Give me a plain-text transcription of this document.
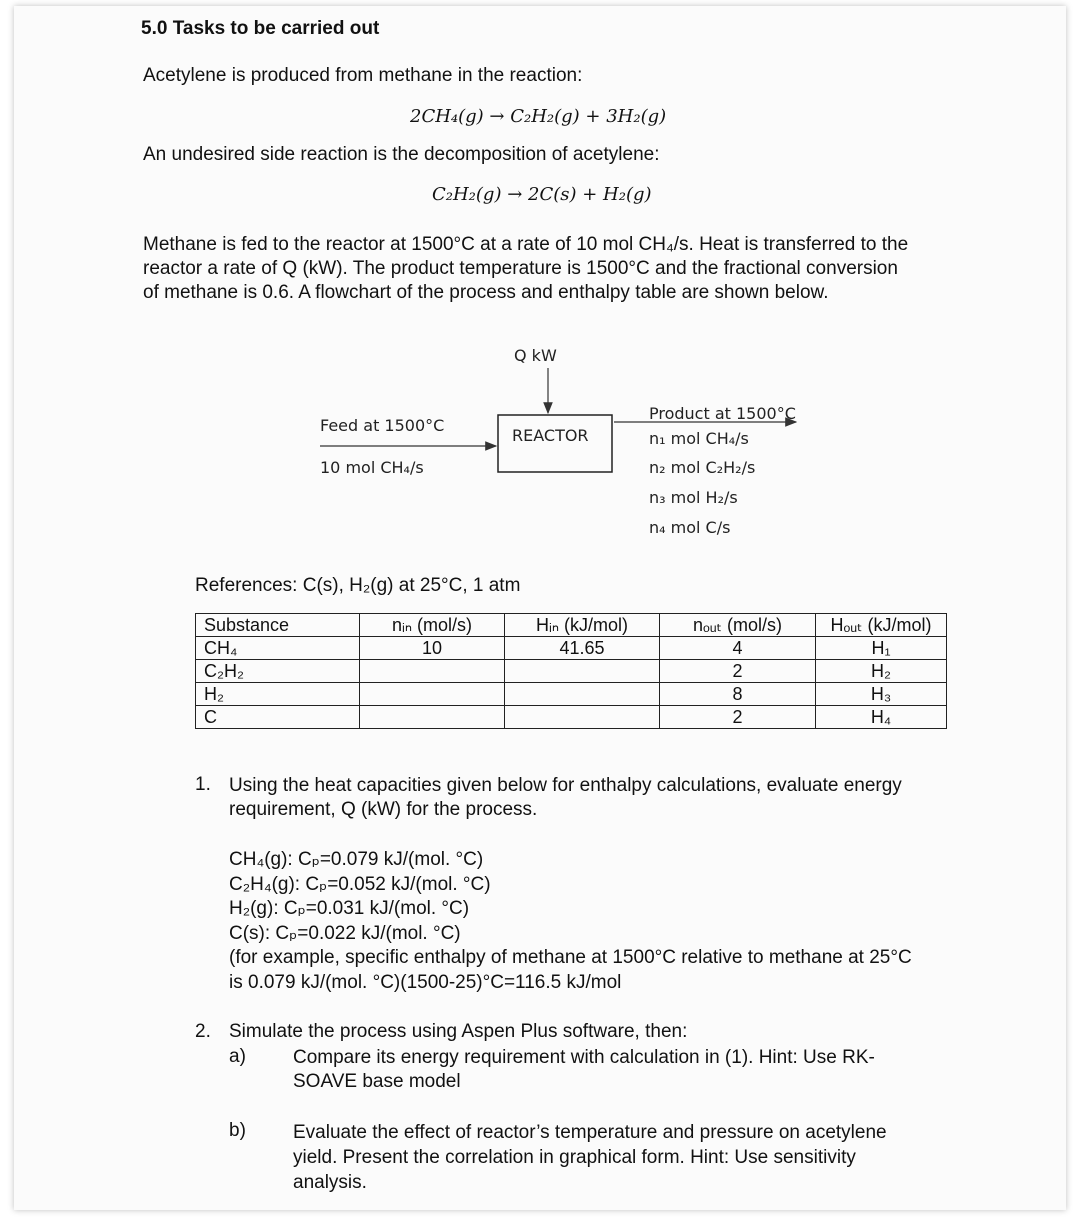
5.0 Tasks to be carried out
Acetylene is produced from methane in the reaction:
2CH₄(g) → C₂H₂(g) + 3H₂(g)
An undesired side reaction is the decomposition of acetylene:
C₂H₂(g) → 2C(s) + H₂(g)
Methane is fed to the reactor at 1500°C at a rate of 10 mol CH₄/s. Heat is transferred to the
reactor a rate of Q (kW). The product temperature is 1500°C and the fractional conversion
of methane is 0.6. A flowchart of the process and enthalpy table are shown below.
Q kW
REACTOR
Feed at 1500°C
10 mol CH₄/s
Product at 1500°C
n₁ mol CH₄/s
n₂ mol C₂H₂/s
n₃ mol H₂/s
n₄ mol C/s
References: C(s), H₂(g) at 25°C, 1 atm
Substance	nᵢₙ (mol/s)	Hᵢₙ (kJ/mol)	nₒᵤₜ (mol/s)	Hₒᵤₜ (kJ/mol)
CH₄	10	41.65	4	H₁
C₂H₂			2	H₂
H₂			8	H₃
C			2	H₄
1. Using the heat capacities given below for enthalpy calculations, evaluate energy
requirement, Q (kW) for the process.
CH₄(g): Cₚ=0.079 kJ/(mol. °C)
C₂H₄(g): Cₚ=0.052 kJ/(mol. °C)
H₂(g): Cₚ=0.031 kJ/(mol. °C)
C(s): Cₚ=0.022 kJ/(mol. °C)
(for example, specific enthalpy of methane at 1500°C relative to methane at 25°C
is 0.079 kJ/(mol. °C)(1500-25)°C=116.5 kJ/mol
2. Simulate the process using Aspen Plus software, then:
a) Compare its energy requirement with calculation in (1). Hint: Use RK-
SOAVE base model
b) Evaluate the effect of reactor’s temperature and pressure on acetylene
yield. Present the correlation in graphical form. Hint: Use sensitivity
analysis.
